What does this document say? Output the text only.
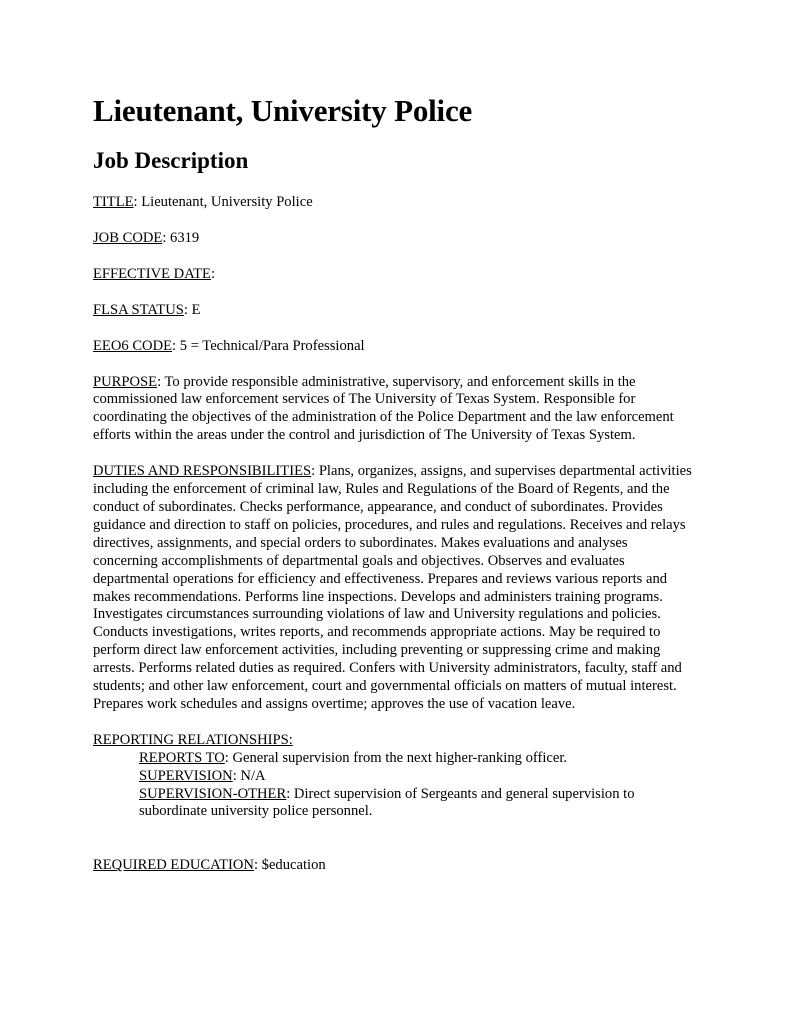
Lieutenant, University Police
Job Description

TITLE: Lieutenant, University Police

JOB CODE: 6319

EFFECTIVE DATE:

FLSA STATUS: E

EEO6 CODE: 5 = Technical/Para Professional

PURPOSE: To provide responsible administrative, supervisory, and enforcement skills in the commissioned law enforcement services of The University of Texas System. Responsible for coordinating the objectives of the administration of the Police Department and the law enforcement efforts within the areas under the control and jurisdiction of The University of Texas System.

DUTIES AND RESPONSIBILITIES: Plans, organizes, assigns, and supervises departmental activities including the enforcement of criminal law, Rules and Regulations of the Board of Regents, and the conduct of subordinates. Checks performance, appearance, and conduct of subordinates. Provides guidance and direction to staff on policies, procedures, and rules and regulations. Receives and relays directives, assignments, and special orders to subordinates. Makes evaluations and analyses concerning accomplishments of departmental goals and objectives. Observes and evaluates departmental operations for efficiency and effectiveness. Prepares and reviews various reports and makes recommendations. Performs line inspections. Develops and administers training programs. Investigates circumstances surrounding violations of law and University regulations and policies. Conducts investigations, writes reports, and recommends appropriate actions. May be required to perform direct law enforcement activities, including preventing or suppressing crime and making arrests. Performs related duties as required. Confers with University administrators, faculty, staff and students; and other law enforcement, court and governmental officials on matters of mutual interest. Prepares work schedules and assigns overtime; approves the use of vacation leave.

REPORTING RELATIONSHIPS:

REPORTS TO: General supervision from the next higher-ranking officer.

SUPERVISION: N/A

SUPERVISION-OTHER: Direct supervision of Sergeants and general supervision to subordinate university police personnel.

REQUIRED EDUCATION: $education
